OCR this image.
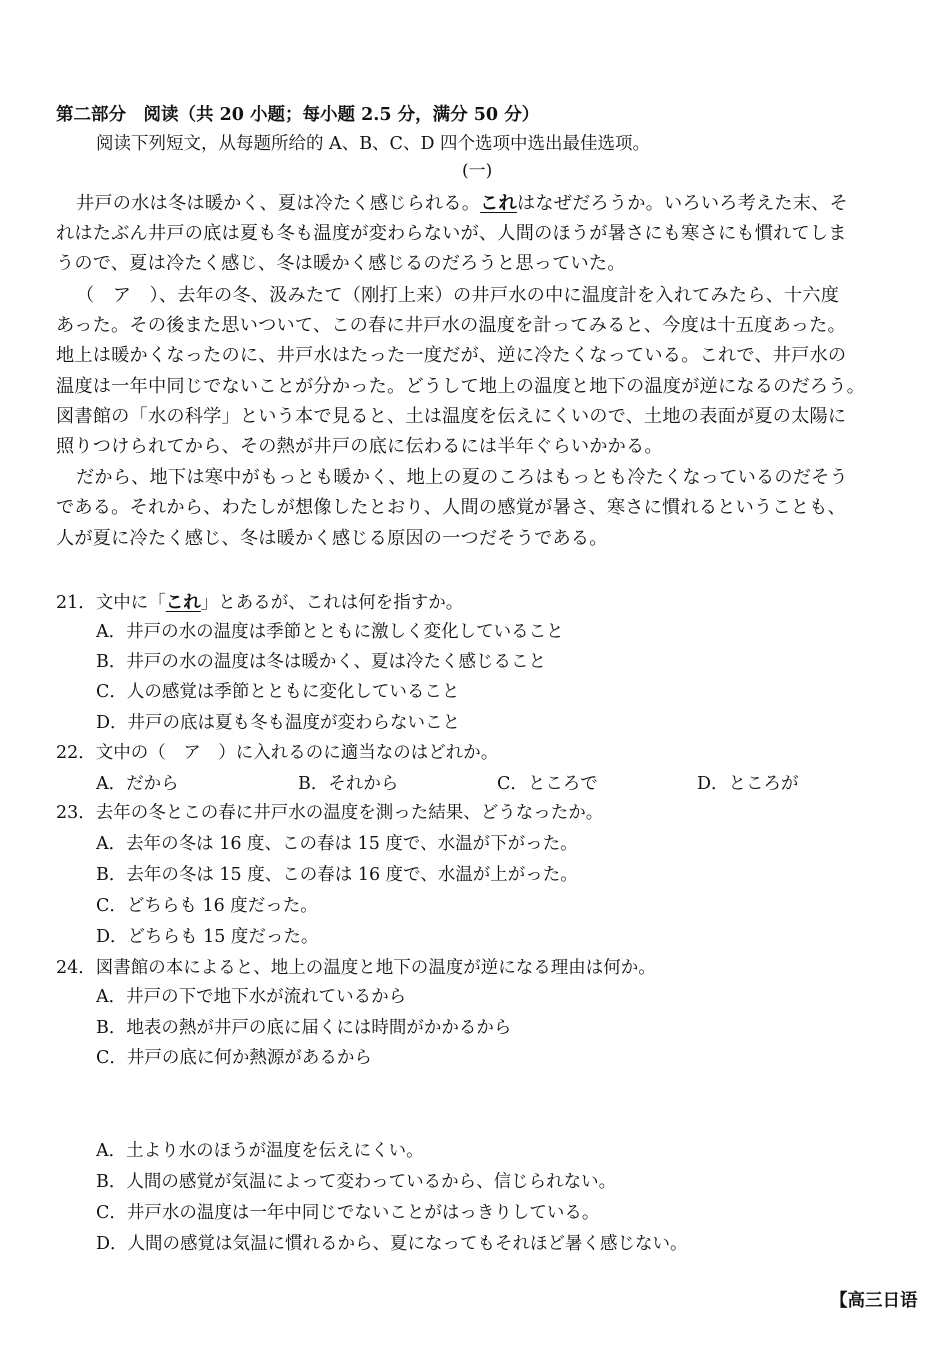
第二部分　阅读（共 20 小题；每小题 2.5 分，满分 50 分）
阅读下列短文，从每题所给的 A、B、C、D 四个选项中选出最佳选项。
(一)
井戸の水は冬は暖かく、夏は冷たく感じられる。これはなぜだろうか。いろいろ考えた末、そ
れはたぶん井戸の底は夏も冬も温度が変わらないが、人間のほうが暑さにも寒さにも慣れてしま
うので、夏は冷たく感じ、冬は暖かく感じるのだろうと思っていた。
（　ア　）、去年の冬、汲みたて（刚打上来）の井戸水の中に温度計を入れてみたら、十六度
あった。その後また思いついて、この春に井戸水の温度を計ってみると、今度は十五度あった。
地上は暖かくなったのに、井戸水はたった一度だが、逆に冷たくなっている。これで、井戸水の
温度は一年中同じでないことが分かった。どうして地上の温度と地下の温度が逆になるのだろう。
図書館の「水の科学」という本で見ると、土は温度を伝えにくいので、土地の表面が夏の太陽に
照りつけられてから、その熱が井戸の底に伝わるには半年ぐらいかかる。
だから、地下は寒中がもっとも暖かく、地上の夏のころはもっとも冷たくなっているのだそう
である。それから、わたしが想像したとおり、人間の感覚が暑さ、寒さに慣れるということも、
人が夏に冷たく感じ、冬は暖かく感じる原因の一つだそうである。
21．文中に「これ」とあるが、これは何を指すか。
A．井戸の水の温度は季節とともに激しく変化していること
B．井戸の水の温度は冬は暖かく、夏は冷たく感じること
C．人の感覚は季節とともに変化していること
D．井戸の底は夏も冬も温度が変わらないこと
22．文中の（　ア　）に入れるのに適当なのはどれか。
A．だから	B．それから	C．ところで	D．ところが
23．去年の冬とこの春に井戸水の温度を測った結果、どうなったか。
A．去年の冬は 16 度、この春は 15 度で、水温が下がった。
B．去年の冬は 15 度、この春は 16 度で、水温が上がった。
C．どちらも 16 度だった。
D．どちらも 15 度だった。
24．図書館の本によると、地上の温度と地下の温度が逆になる理由は何か。
A．井戸の下で地下水が流れているから
B．地表の熱が井戸の底に届くには時間がかかるから
C．井戸の底に何か熱源があるから
A．土より水のほうが温度を伝えにくい。
B．人間の感覚が気温によって変わっているから、信じられない。
C．井戸水の温度は一年中同じでないことがはっきりしている。
D．人間の感覚は気温に慣れるから、夏になってもそれほど暑く感じない。
【高三日语
